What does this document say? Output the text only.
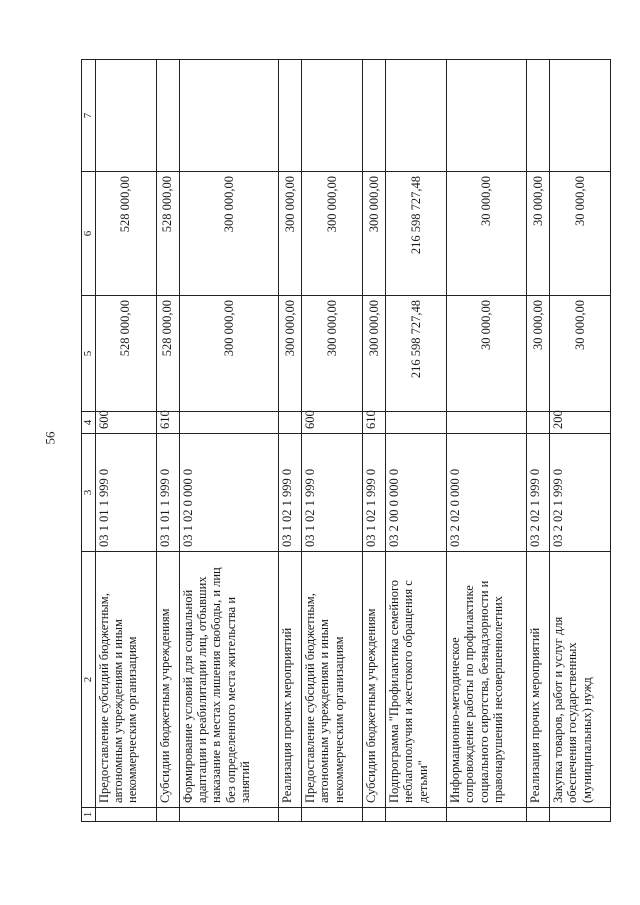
56
1	2	3	4	5	6	7
	Предоставление субсидий бюджетным, автономным учреждениям и иным некоммерческим организациям	03 1 01 1 999 0	600	528 000,00	528 000,00	
	Субсидии бюджетным учреждениям	03 1 01 1 999 0	610	528 000,00	528 000,00	
	Формирование условий для социальной адаптации и реабилитации лиц, отбывших наказание в местах лишения свободы, и лиц без определенного места жительства и занятий	03 1 02 0 000 0		300 000,00	300 000,00	
	Реализация прочих мероприятий	03 1 02 1 999 0		300 000,00	300 000,00	
	Предоставление субсидий бюджетным, автономным учреждениям и иным некоммерческим организациям	03 1 02 1 999 0	600	300 000,00	300 000,00	
	Субсидии бюджетным учреждениям	03 1 02 1 999 0	610	300 000,00	300 000,00	
	Подпрограмма "Профилактика семейного неблагополучия и жестокого обращения с детьми"	03 2 00 0 000 0		216 598 727,48	216 598 727,48	
	Информационно-методическое сопровождение работы по профилактике социального сиротства, безнадзорности и правонарушений несовершеннолетних	03 2 02 0 000 0		30 000,00	30 000,00	
	Реализация прочих мероприятий	03 2 02 1 999 0		30 000,00	30 000,00	
	Закупка товаров, работ и услуг для обеспечения государственных (муниципальных) нужд	03 2 02 1 999 0	200	30 000,00	30 000,00	
